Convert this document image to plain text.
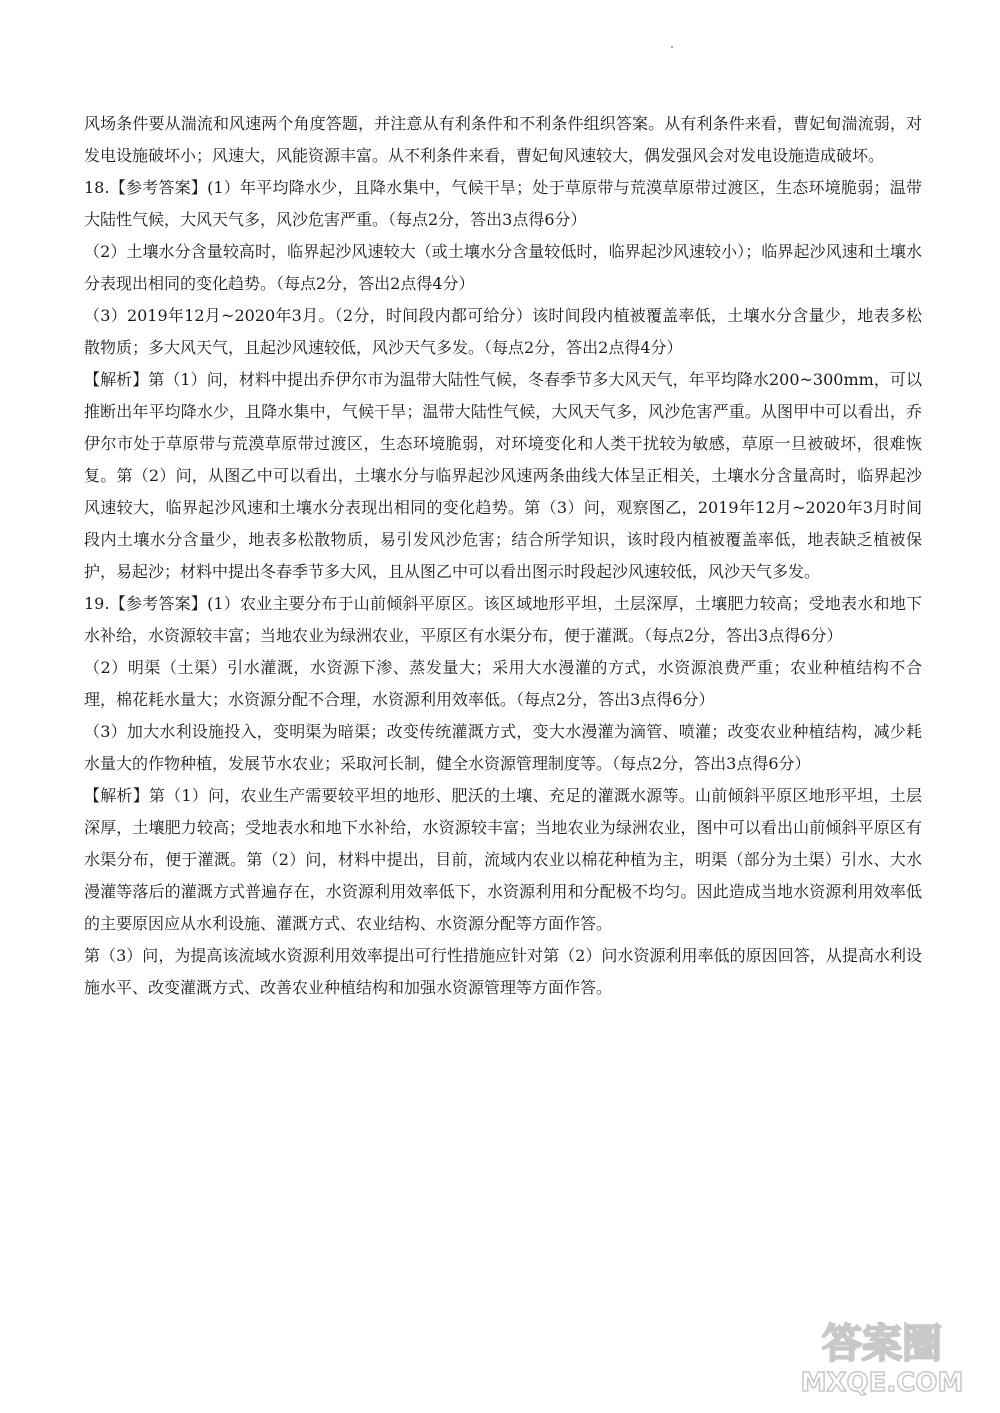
风场条件要从湍流和风速两个角度答题，并注意从有利条件和不利条件组织答案。从有利条件来看，曹妃甸湍流弱，对发电设施破坏小；风速大，风能资源丰富。从不利条件来看，曹妃甸风速较大，偶发强风会对发电设施造成破坏。

18.【参考答案】(1）年平均降水少，且降水集中，气候干旱；处于草原带与荒漠草原带过渡区，生态环境脆弱；温带大陆性气候，大风天气多，风沙危害严重。（每点2分，答出3点得6分）

（2）土壤水分含量较高时，临界起沙风速较大（或土壤水分含量较低时，临界起沙风速较小）；临界起沙风速和土壤水分表现出相同的变化趋势。（每点2分，答出2点得4分）

（3）2019年12月~2020年3月。（2分，时间段内都可给分）该时间段内植被覆盖率低，土壤水分含量少，地表多松散物质；多大风天气，且起沙风速较低，风沙天气多发。（每点2分，答出2点得4分）

【解析】第（1）问，材料中提出乔伊尔市为温带大陆性气候，冬春季节多大风天气，年平均降水200~300mm，可以推断出年平均降水少，且降水集中，气候干旱；温带大陆性气候，大风天气多，风沙危害严重。从图甲中可以看出，乔伊尔市处于草原带与荒漠草原带过渡区，生态环境脆弱，对环境变化和人类干扰较为敏感，草原一旦被破坏，很难恢复。第（2）问，从图乙中可以看出，土壤水分与临界起沙风速两条曲线大体呈正相关，土壤水分含量高时，临界起沙风速较大，临界起沙风速和土壤水分表现出相同的变化趋势。第（3）问，观察图乙，2019年12月~2020年3月时间段内土壤水分含量少，地表多松散物质，易引发风沙危害；结合所学知识，该时段内植被覆盖率低，地表缺乏植被保护，易起沙；材料中提出冬春季节多大风，且从图乙中可以看出图示时段起沙风速较低，风沙天气多发。

19.【参考答案】(1）农业主要分布于山前倾斜平原区。该区域地形平坦，土层深厚，土壤肥力较高；受地表水和地下水补给，水资源较丰富；当地农业为绿洲农业，平原区有水渠分布，便于灌溉。（每点2分，答出3点得6分）

（2）明渠（土渠）引水灌溉，水资源下渗、蒸发量大；采用大水漫灌的方式，水资源浪费严重；农业种植结构不合理，棉花耗水量大；水资源分配不合理，水资源利用效率低。（每点2分，答出3点得6分）

（3）加大水利设施投入，变明渠为暗渠；改变传统灌溉方式，变大水漫灌为滴管、喷灌；改变农业种植结构，减少耗水量大的作物种植，发展节水农业；采取河长制，健全水资源管理制度等。（每点2分，答出3点得6分）

【解析】第（1）问，农业生产需要较平坦的地形、肥沃的土壤、充足的灌溉水源等。山前倾斜平原区地形平坦，土层深厚，土壤肥力较高；受地表水和地下水补给，水资源较丰富；当地农业为绿洲农业，图中可以看出山前倾斜平原区有水渠分布，便于灌溉。第（2）问，材料中提出，目前，流域内农业以棉花种植为主，明渠（部分为土渠）引水、大水漫灌等落后的灌溉方式普遍存在，水资源利用效率低下，水资源利用和分配极不均匀。因此造成当地水资源利用效率低的主要原因应从水利设施、灌溉方式、农业结构、水资源分配等方面作答。

第（3）问，为提高该流域水资源利用效率提出可行性措施应针对第（2）问水资源利用率低的原因回答，从提高水利设施水平、改变灌溉方式、改善农业种植结构和加强水资源管理等方面作答。

答案圈
MXQE.COM
